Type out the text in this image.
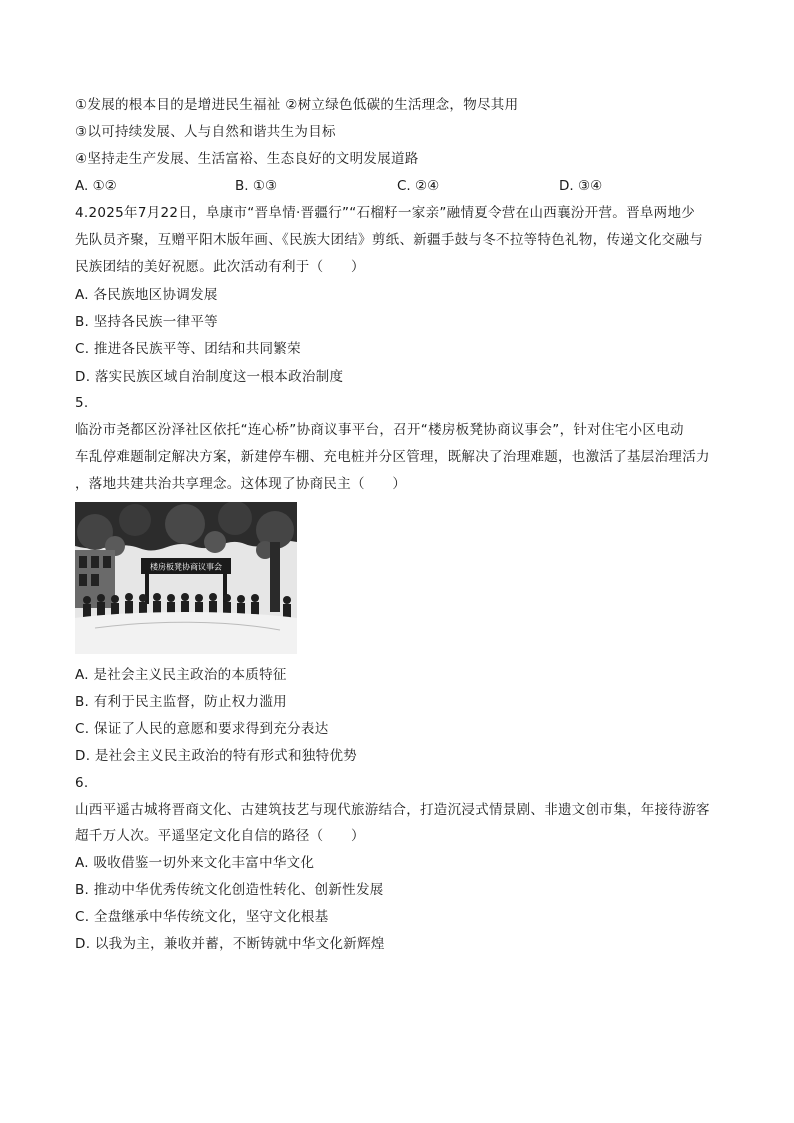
①发展的根本目的是增进民生福祉 ②树立绿色低碳的生活理念，物尽其用
③以可持续发展、人与自然和谐共生为目标
④坚持走生产发展、生活富裕、生态良好的文明发展道路
A. ①②	B. ①③	C. ②④	D. ③④
4.2025年7月22日，阜康市“晋阜情·晋疆行”“石榴籽一家亲”融情夏令营在山西襄汾开营。晋阜两地少
先队员齐聚，互赠平阳木版年画、《民族大团结》剪纸、新疆手鼓与冬不拉等特色礼物，传递文化交融与
民族团结的美好祝愿。此次活动有利于（　　）
A. 各民族地区协调发展
B. 坚持各民族一律平等
C. 推进各民族平等、团结和共同繁荣
D. 落实民族区域自治制度这一根本政治制度
5.
临汾市尧都区汾泽社区依托“连心桥”协商议事平台，召开“楼房板凳协商议事会”，针对住宅小区电动
车乱停难题制定解决方案，新建停车棚、充电桩并分区管理，既解决了治理难题，也激活了基层治理活力
，落地共建共治共享理念。这体现了协商民主（　　）
楼房板凳协商议事会
A. 是社会主义民主政治的本质特征
B. 有利于民主监督，防止权力滥用
C. 保证了人民的意愿和要求得到充分表达
D. 是社会主义民主政治的特有形式和独特优势
6.
山西平遥古城将晋商文化、古建筑技艺与现代旅游结合，打造沉浸式情景剧、非遗文创市集，年接待游客
超千万人次。平遥坚定文化自信的路径（　　）
A. 吸收借鉴一切外来文化丰富中华文化
B. 推动中华优秀传统文化创造性转化、创新性发展
C. 全盘继承中华传统文化，坚守文化根基
D. 以我为主，兼收并蓄，不断铸就中华文化新辉煌
